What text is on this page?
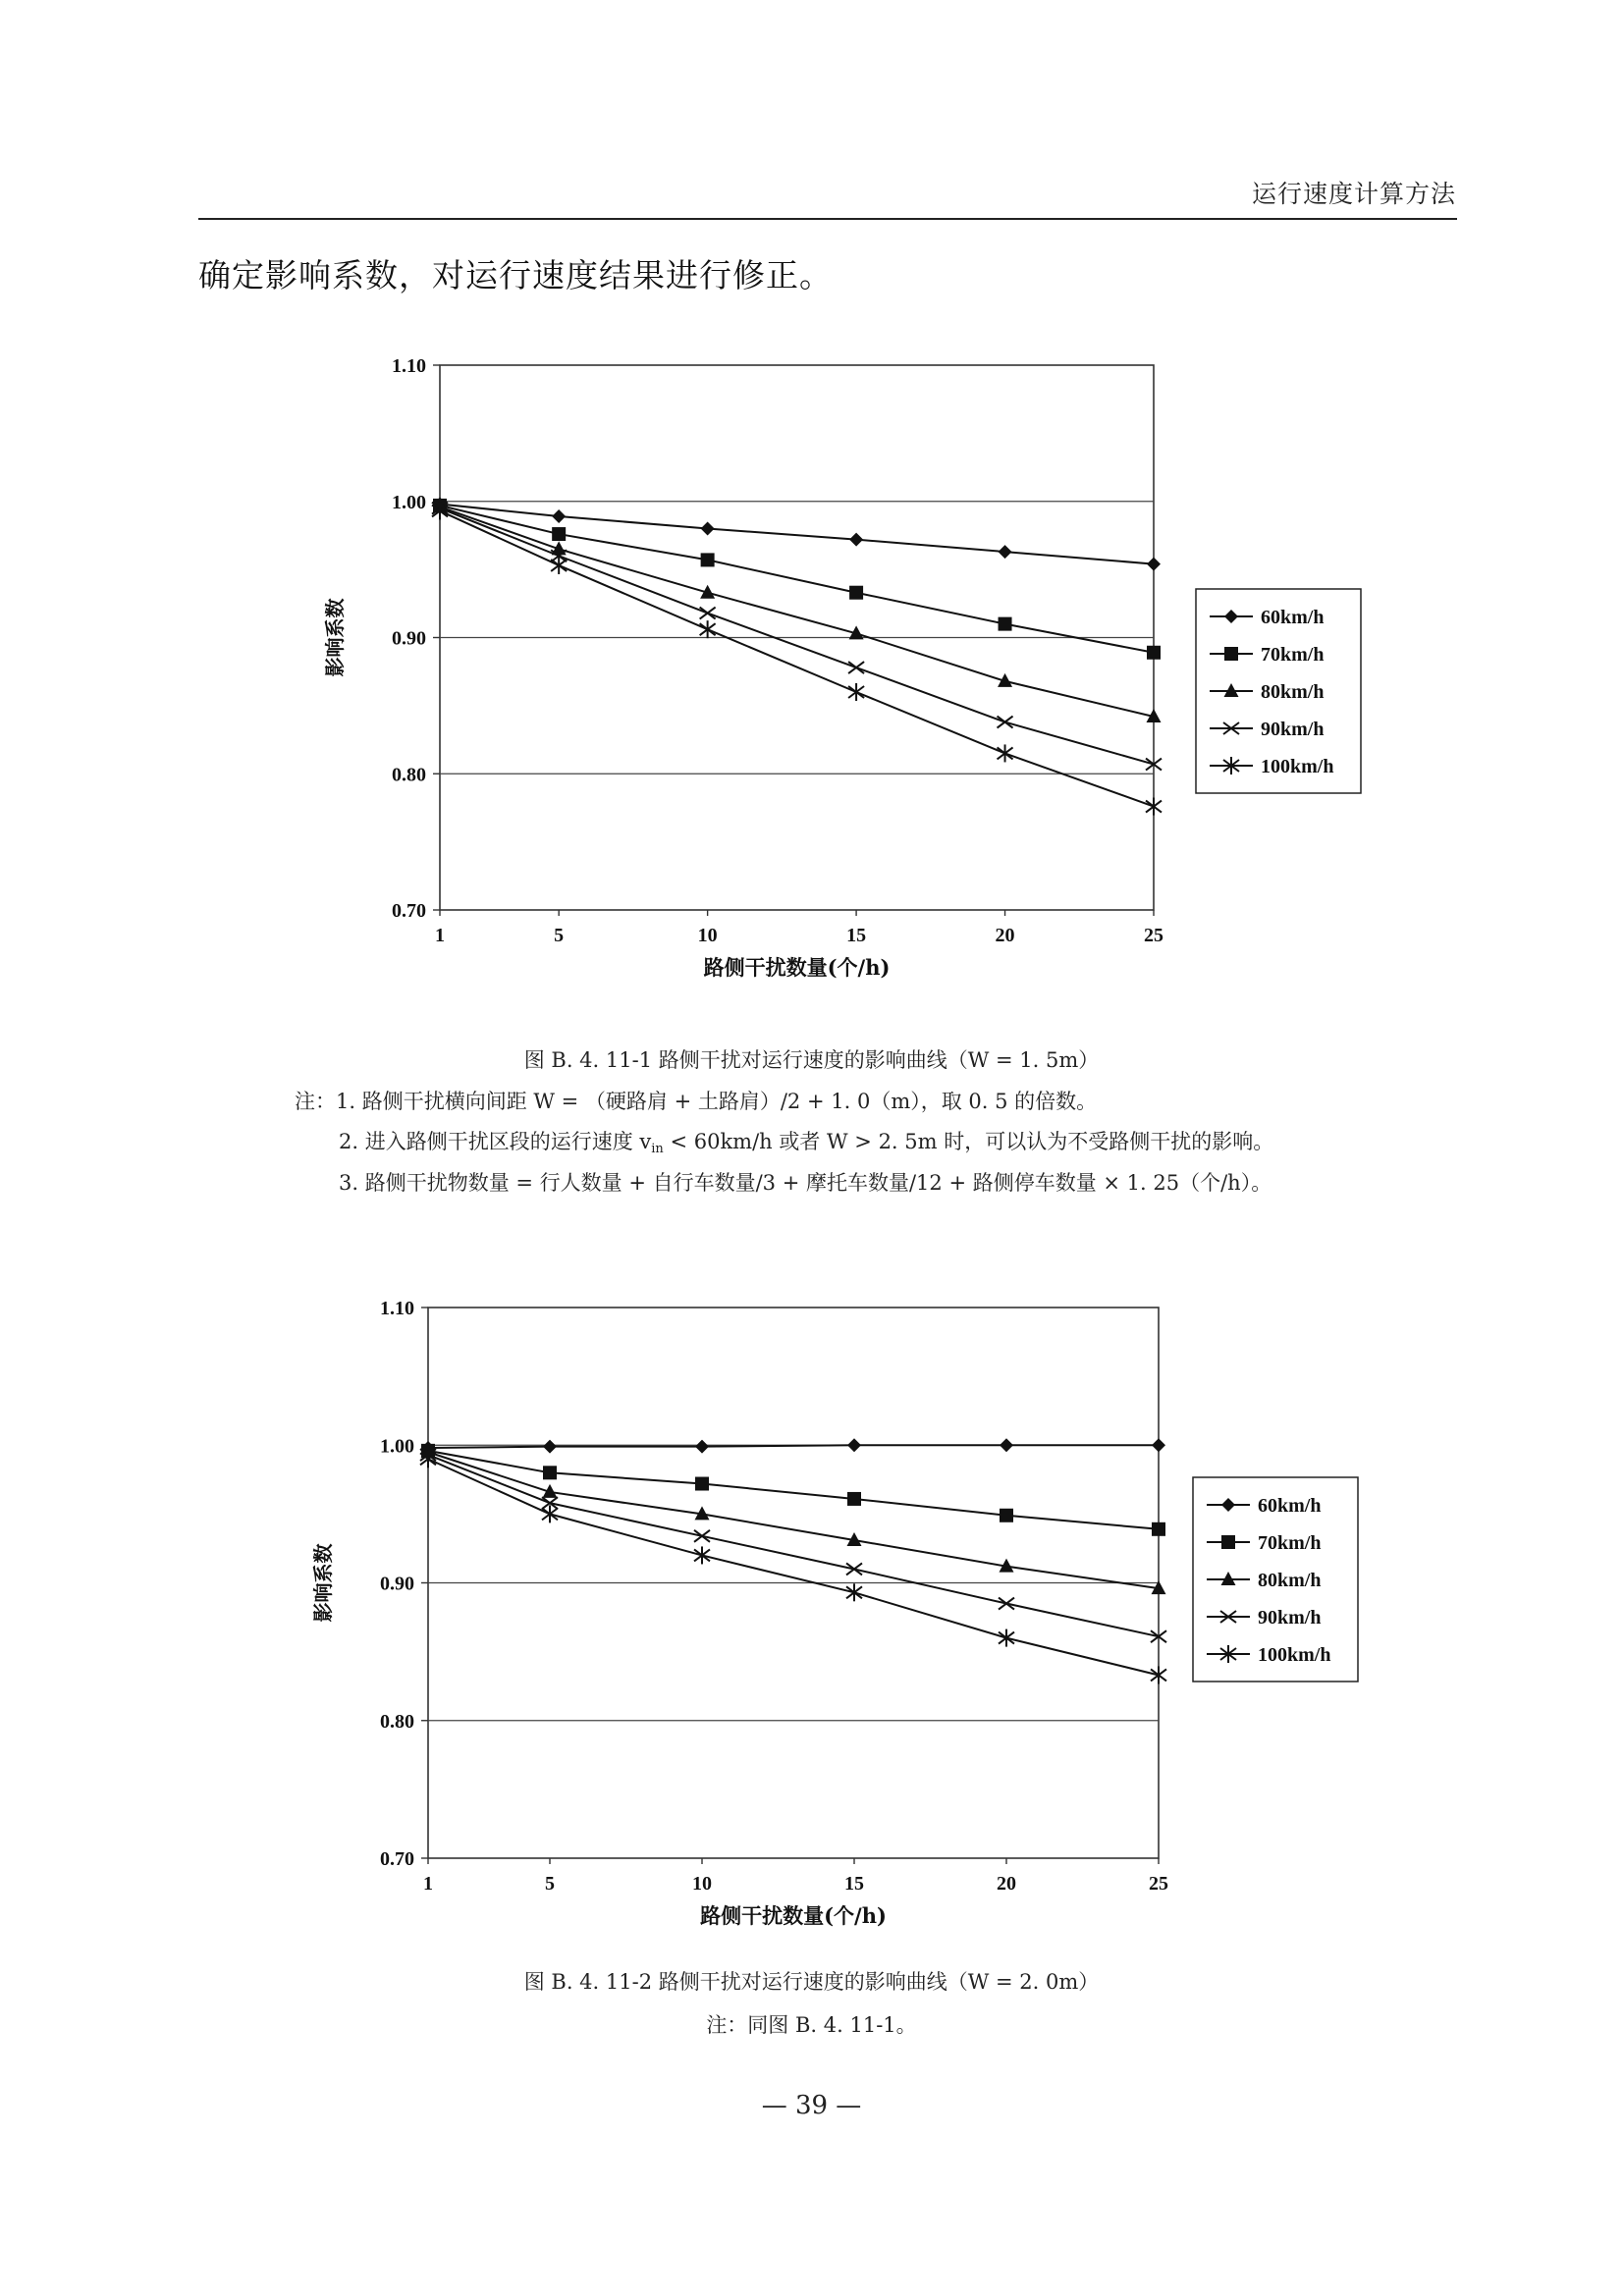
运行速度计算方法
确定影响系数，对运行速度结果进行修正。
1.10
1.00
0.90
0.80
0.70
1	5	10	15	20	25
路侧干扰数量(个/h)
影响系数	60km/h
70km/h
80km/h
90km/h
100km/h
图 B. 4. 11-1 路侧干扰对运行速度的影响曲线（W = 1. 5m）
注：1. 路侧干扰横向间距 W = （硬路肩 + 土路肩）/2 + 1. 0（m），取 0. 5 的倍数。
2. 进入路侧干扰区段的运行速度 $v_{in} < 60km/h$ 或者 W > 2. 5m 时，可以认为不受路侧干扰的影响。
3. 路侧干扰物数量 = 行人数量 + 自行车数量/3 + 摩托车数量/12 + 路侧停车数量 × 1. 25（个/h）。
1.10
1.00
0.90
0.80
0.70
1	5	10	15	20	25
路侧干扰数量(个/h)
影响系数
60km/h
70km/h
80km/h
90km/h
100km/h
图 B. 4. 11-2 路侧干扰对运行速度的影响曲线（W = 2. 0m）
注：同图 B. 4. 11-1。
— 39 —
